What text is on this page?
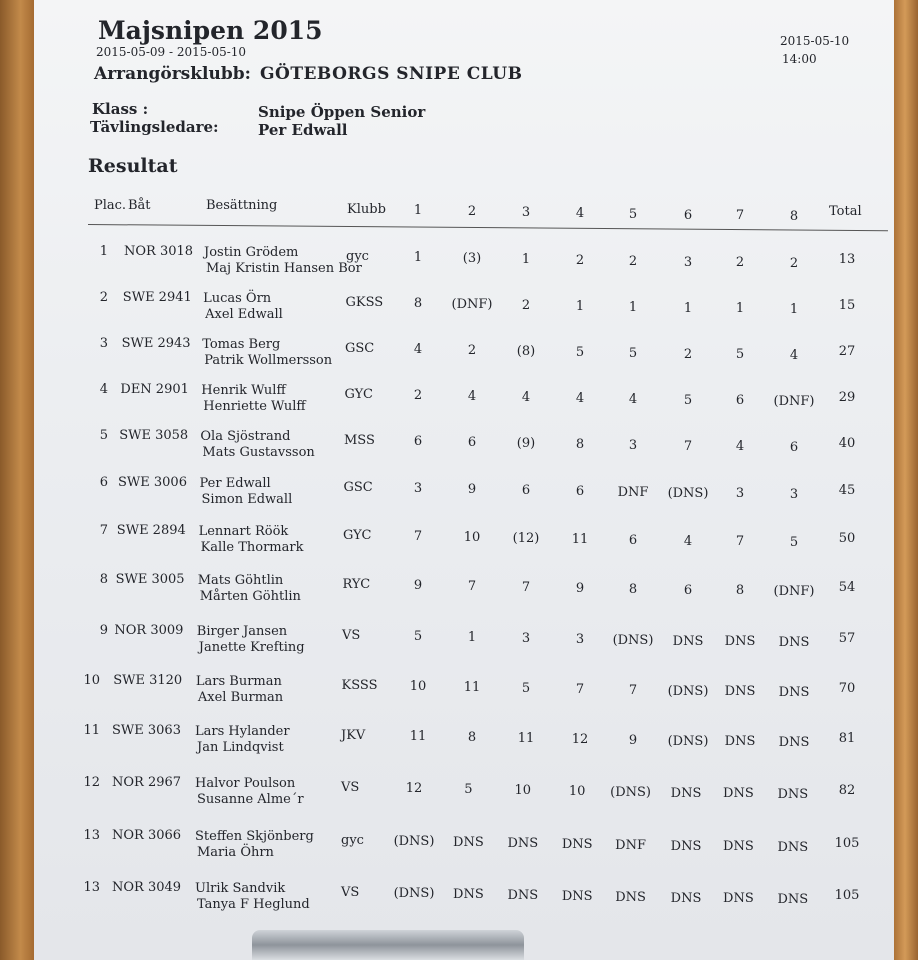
Majsnipen 2015
2015-05-09 - 2015-05-10
2015-05-10
14:00
Arrangörsklubb: GÖTEBORGS SNIPE CLUB
Klass :	Snipe Öppen Senior
Tävlingsledare:	Per Edwall
Resultat
Plac. Båt	Besättning	Klubb	1	2	3	4	5	6	7	8	Total
1 NOR 3018 Jostin Grödem
Maj Kristin Hansen Bor
gyc	1	(3)	1	2	2	3	2	2	13
2 SWE 2941 Lucas Örn
Axel Edwall
GKSS	8	(DNF)	2	1	1	1	1	1	15
3 SWE 2943 Tomas Berg
Patrik Wollmersson
GSC	4	2	(8)	5	5	2	5	4	27
4 DEN 2901 Henrik Wulff
Henriette Wulff
GYC	2	4	4	4	4	5	6	(DNF)	29
5 SWE 3058 Ola Sjöstrand
Mats Gustavsson
MSS	6	6	(9)	8	3	7	4	6	40
6 SWE 3006 Per Edwall
Simon Edwall
GSC	3	9	6	6	DNF	(DNS)	3	3	45
7 SWE 2894 Lennart Röök
Kalle Thormark
GYC	7	10	(12)	11	6	4	7	5	50
8 SWE 3005 Mats Göhtlin
Mårten Göhtlin
RYC	9	7	7	9	8	6	8	(DNF)	54
9 NOR 3009 Birger Jansen
Janette Krefting
VS	5	1	3	3	(DNS)	DNS	DNS	DNS	57
10 SWE 3120 Lars Burman
Axel Burman
KSSS	10	11	5	7	7	(DNS)	DNS	DNS	70
11 SWE 3063 Lars Hylander
Jan Lindqvist
JKV	11	8	11	12	9	(DNS)	DNS	DNS	81
12 NOR 2967 Halvor Poulson
Susanne Alme´r
VS	12	5	10	10	(DNS)	DNS	DNS	DNS	82
13 NOR 3066 Steffen Skjönberg
Maria Öhrn
gyc	(DNS)	DNS	DNS	DNS	DNF	DNS	DNS	DNS	105
13 NOR 3049 Ulrik Sandvik
Tanya F Heglund
VS	(DNS)	DNS	DNS	DNS	DNS	DNS	DNS	DNS	105
